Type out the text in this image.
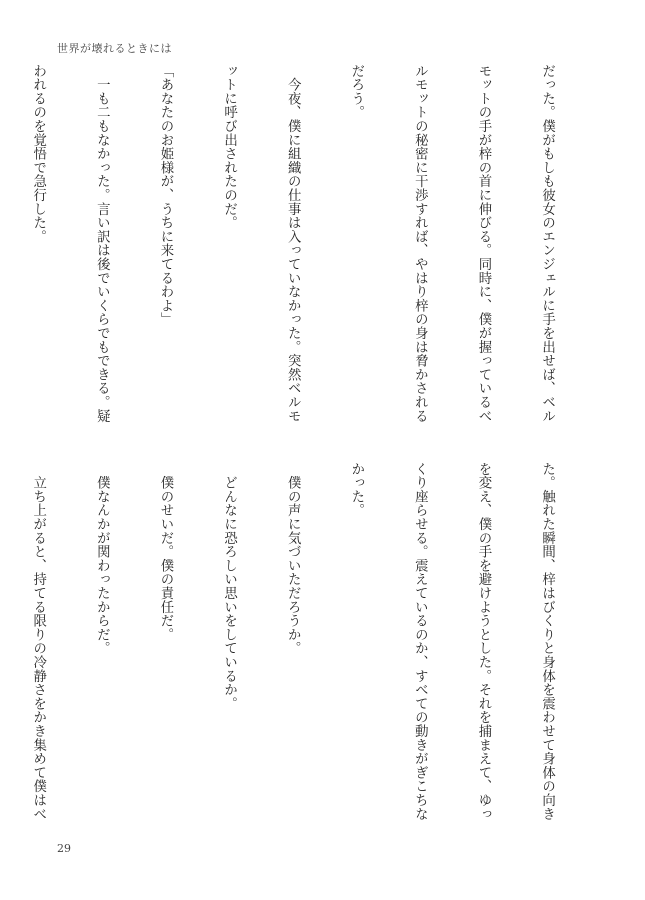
世界が壊れるときには

だった。僕がもしも彼女のエンジェルに手を出せば、ベル

モットの手が梓の首に伸びる。同時に、僕が握っているべ

ルモットの秘密に干渉すれば、やはり梓の身は脅かされる

だろう。

　今夜、僕に組織の仕事は入っていなかった。突然ベルモ

ットに呼び出されたのだ。

「あなたのお姫様が、うちに来てるわよ」

　一も二もなかった。言い訳は後でいくらでもできる。疑

われるのを覚悟で急行した。

た。触れた瞬間、梓はびくりと身体を震わせて身体の向き

を変え、僕の手を避けようとした。それを捕まえて、ゆっ

くり座らせる。震えているのか、すべての動きがぎこちな

かった。

　僕の声に気づいただろうか。

　どんなに恐ろしい思いをしているか。

　僕のせいだ。僕の責任だ。

　僕なんかが関わったからだ。

　立ち上がると、持てる限りの冷静さをかき集めて僕はべ

29
